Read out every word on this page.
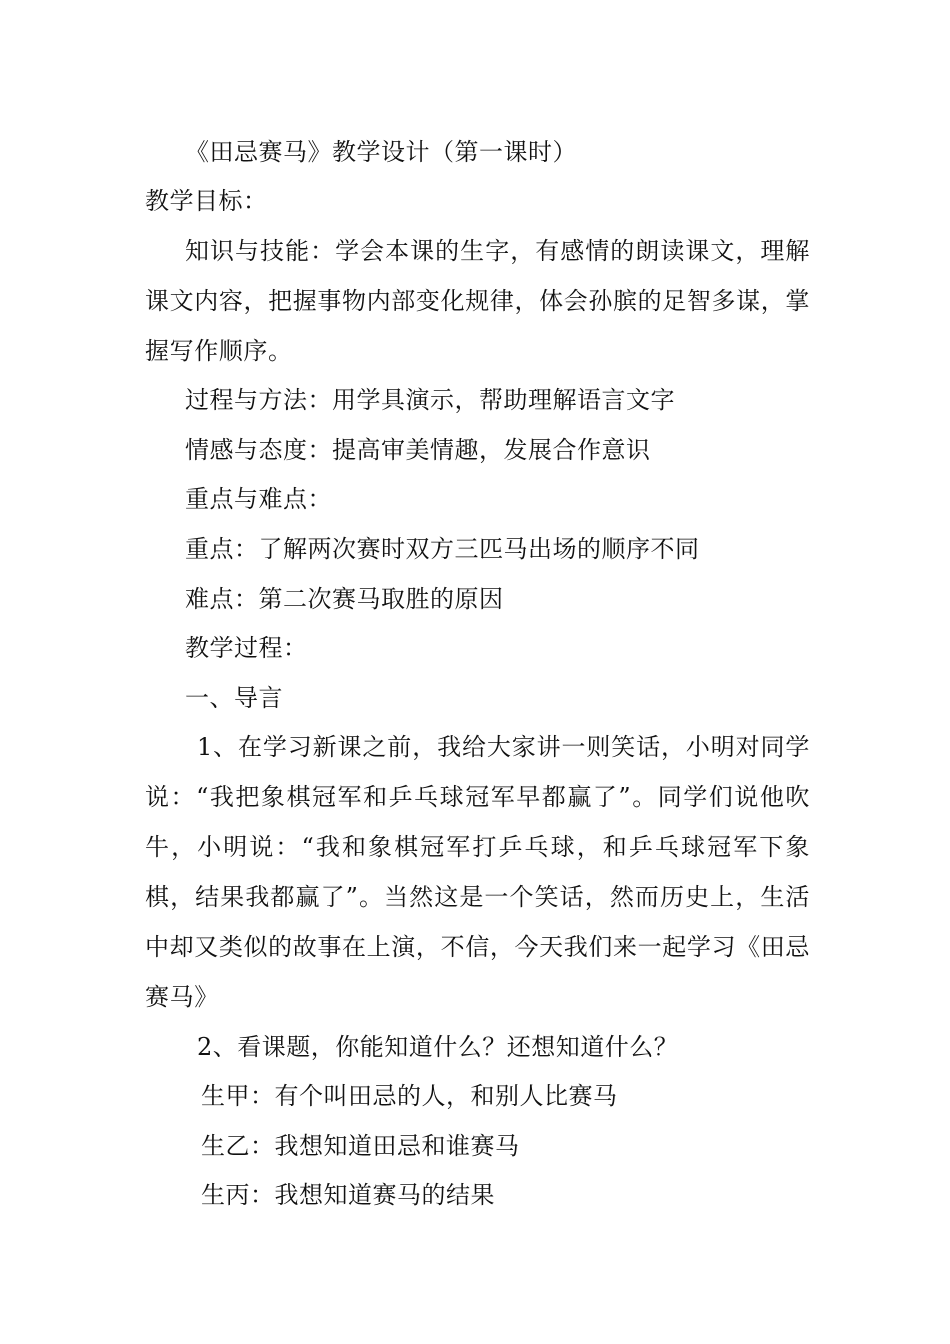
《田忌赛马》教学设计（第一课时）
教学目标：
知识与技能：学会本课的生字，有感情的朗读课文，理解课文内容，把握事物内部变化规律，体会孙膑的足智多谋，掌握写作顺序。
过程与方法：用学具演示，帮助理解语言文字
情感与态度：提高审美情趣，发展合作意识
重点与难点：
重点：了解两次赛时双方三匹马出场的顺序不同
难点：第二次赛马取胜的原因
教学过程：
一、导言
1、在学习新课之前，我给大家讲一则笑话，小明对同学说：“我把象棋冠军和乒乓球冠军早都赢了”。同学们说他吹牛，小明说：“我和象棋冠军打乒乓球，和乒乓球冠军下象棋，结果我都赢了”。当然这是一个笑话，然而历史上，生活中却又类似的故事在上演，不信，今天我们来一起学习《田忌赛马》
2、看课题，你能知道什么？还想知道什么？
生甲：有个叫田忌的人，和别人比赛马
生乙：我想知道田忌和谁赛马
生丙：我想知道赛马的结果
